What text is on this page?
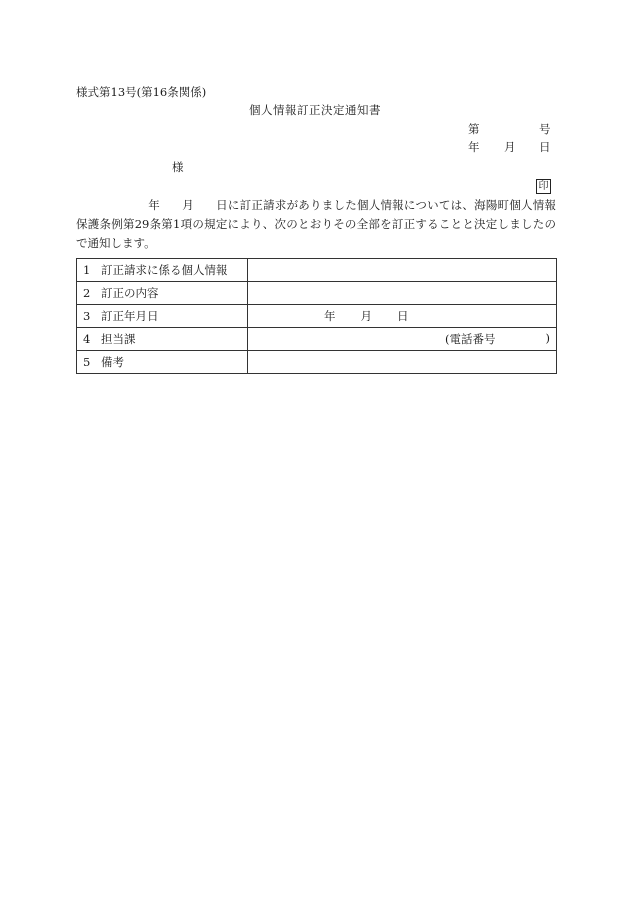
様式第13号(第16条関係)
個人情報訂正決定通知書
第	号
年 月 日
様
印
年 月 日に訂正請求がありました個人情報については、海陽町個人情報保護条例第29条第1項の規定により、次のとおりその全部を訂正することと決定しましたので通知します。
1 訂正請求に係る個人情報	
2 訂正の内容	
3 訂正年月日	年 月 日
4 担当課	(電話番号 )

5 備考	
